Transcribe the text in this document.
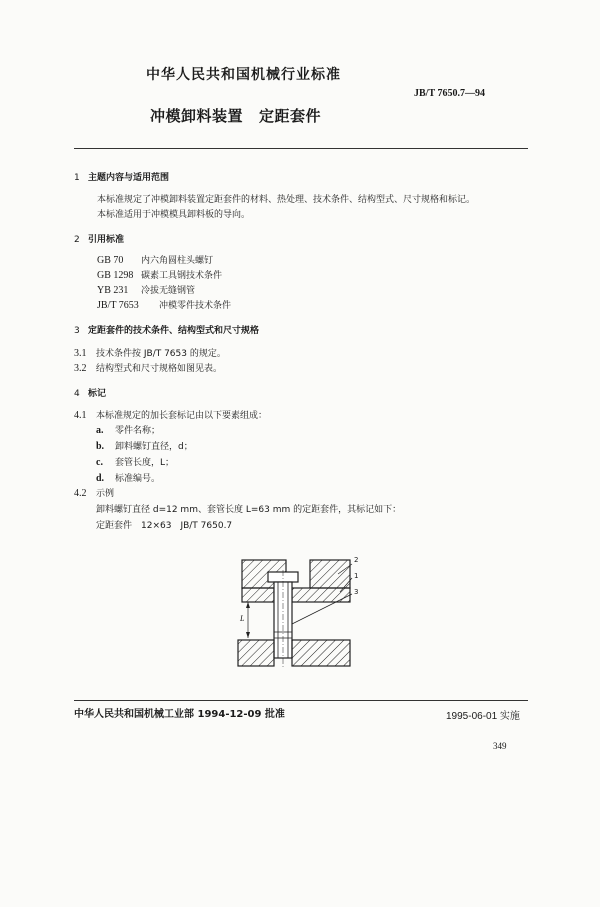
中华人民共和国机械行业标准
JB/T 7650.7—94
冲模卸料装置 定距套件
1 主题内容与适用范围
本标准规定了冲模卸料装置定距套件的材料、热处理、技术条件、结构型式、尺寸规格和标记。
本标准适用于冲模模具卸料板的导向。
2 引用标准
GB 70 内六角圆柱头螺钉
GB 1298 碳素工具钢技术条件
YB 231 冷拔无缝钢管
JB/T 7653 冲模零件技术条件
3 定距套件的技术条件、结构型式和尺寸规格
3.1 技术条件按 JB/T 7653 的规定。
3.2 结构型式和尺寸规格如图见表。
4 标记
4.1 本标准规定的加长套标记由以下要素组成：
a. 零件名称；
b. 卸料螺钉直径，d；
c. 套管长度，L；
d. 标准编号。
4.2 示例
卸料螺钉直径 d=12 mm、套管长度 L=63 mm 的定距套件，其标记如下：
定距套件　12×63　JB/T 7650.7
L
2
1
3
中华人民共和国机械工业部 1994-12-09 批准	1995-06-01 实施
349
